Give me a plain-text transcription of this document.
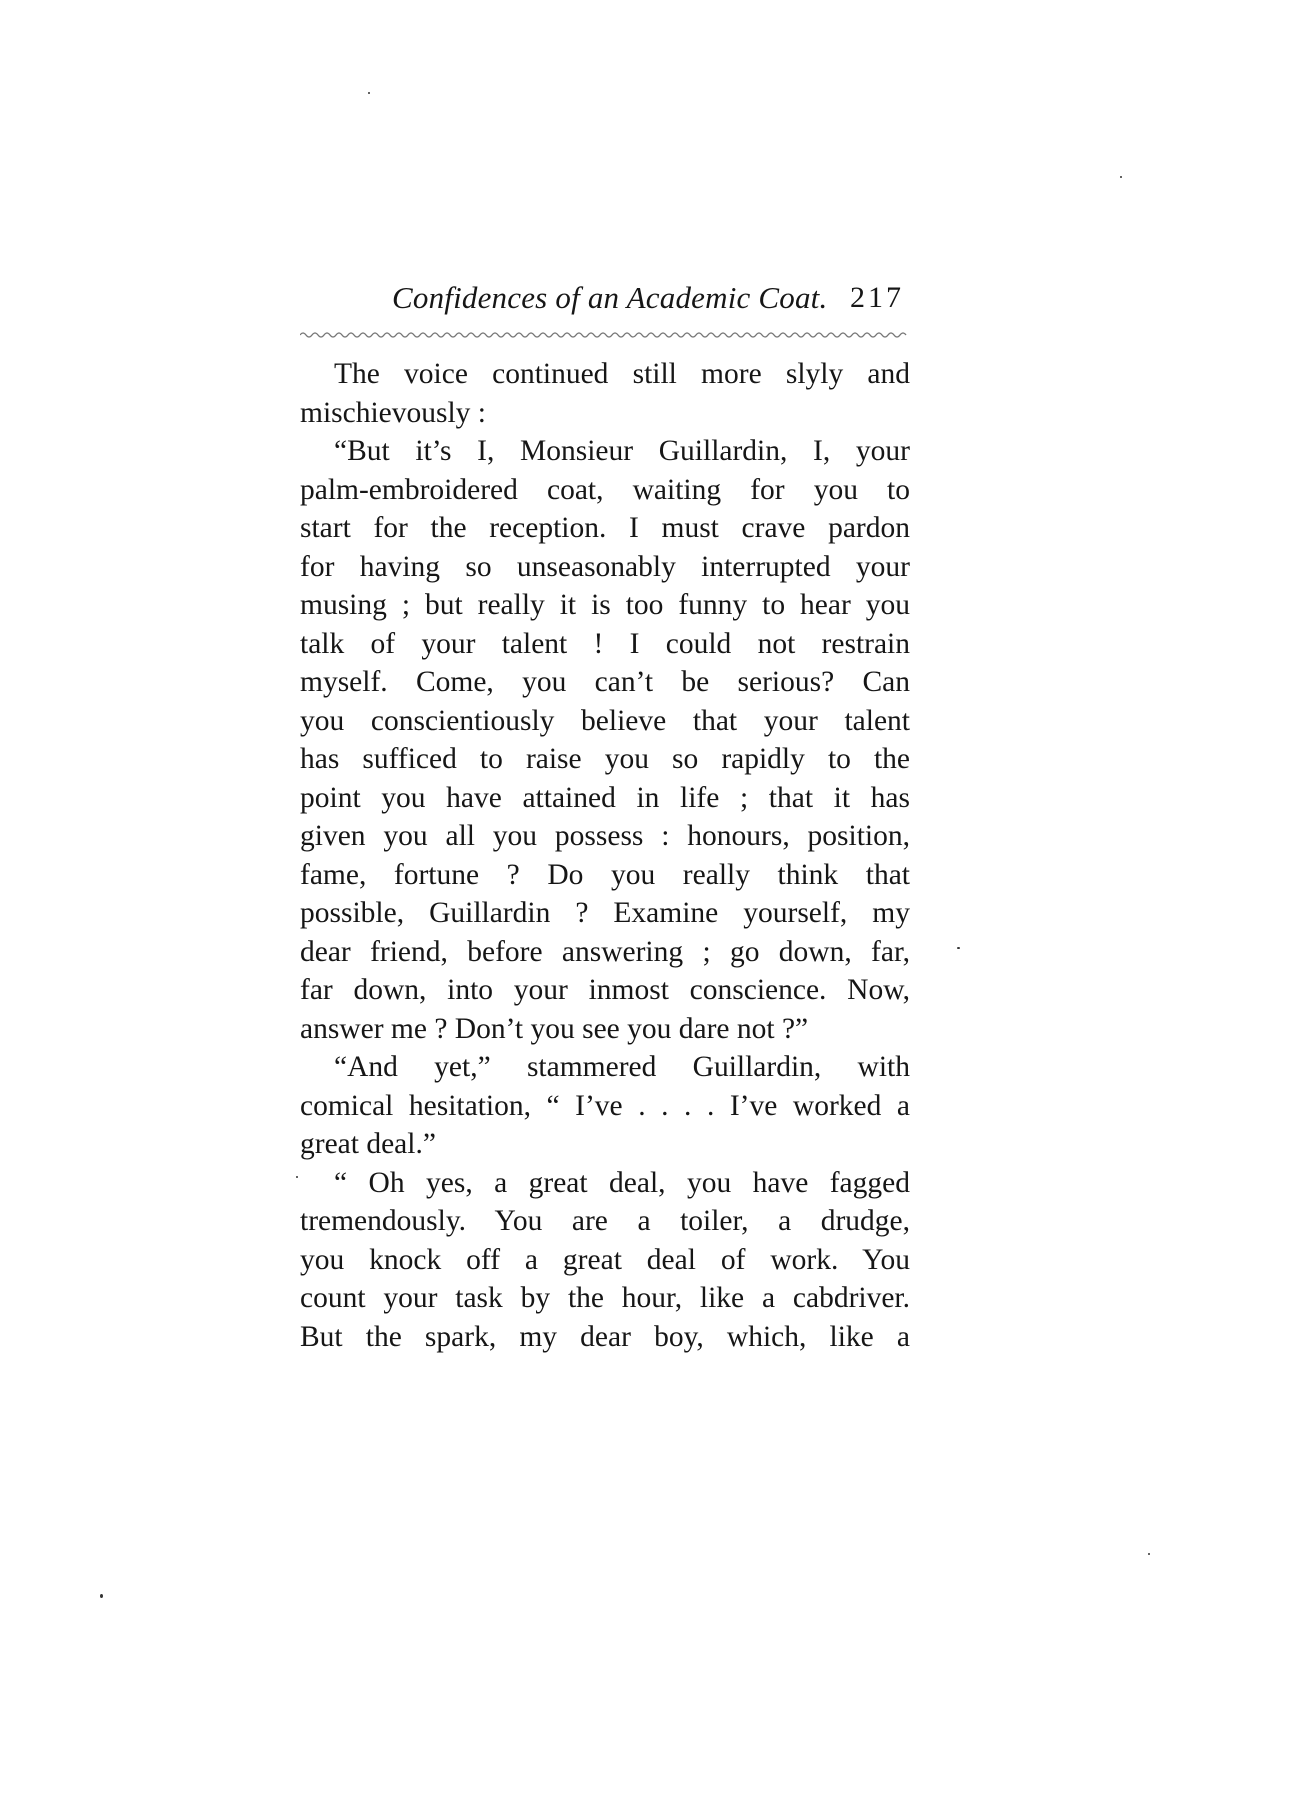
Confidences of an Academic Coat. 217
The voice continued still more slyly and
mischievously :
“But it’s I, Monsieur Guillardin, I, your
palm-embroidered coat, waiting for you to
start for the reception. I must crave pardon
for having so unseasonably interrupted your
musing ; but really it is too funny to hear you
talk of your talent ! I could not restrain
myself. Come, you can’t be serious? Can
you conscientiously believe that your talent
has sufficed to raise you so rapidly to the
point you have attained in life ; that it has
given you all you possess : honours, position,
fame, fortune ? Do you really think that
possible, Guillardin ? Examine yourself, my
dear friend, before answering ; go down, far,
far down, into your inmost conscience. Now,
answer me ? Don’t you see you dare not ?”
“And yet,” stammered Guillardin, with
comical hesitation, “ I’ve . . . . I’ve worked a
great deal.”
“ Oh yes, a great deal, you have fagged
tremendously. You are a toiler, a drudge,
you knock off a great deal of work. You
count your task by the hour, like a cabdriver.
But the spark, my dear boy, which, like a
